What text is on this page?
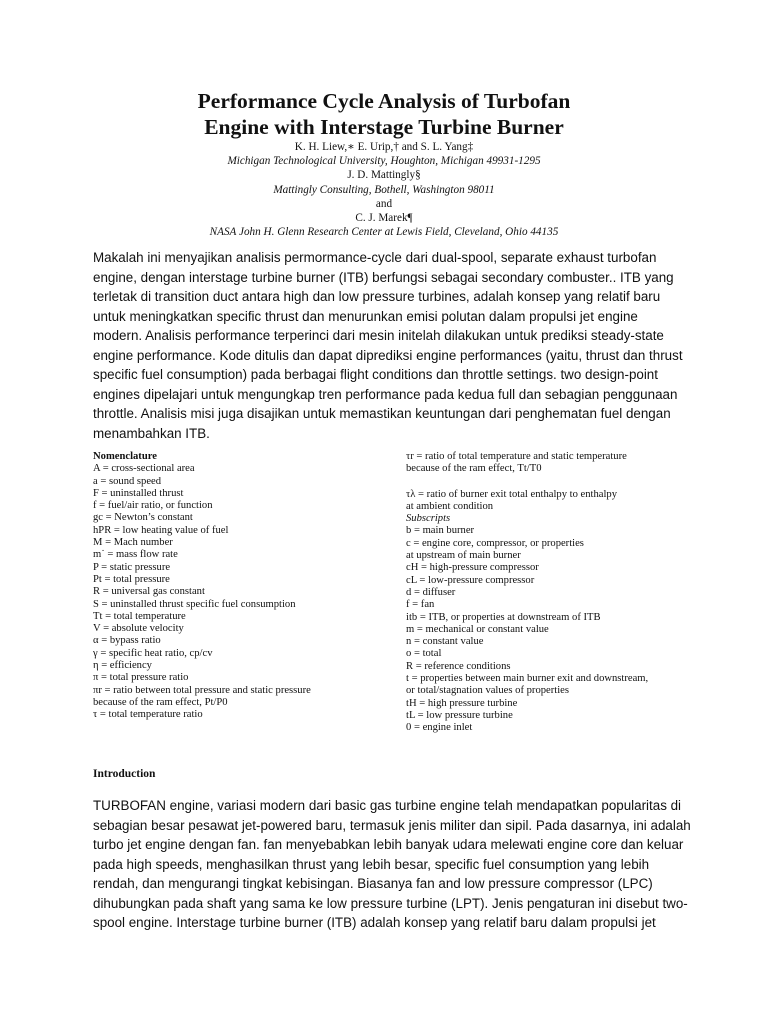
Performance Cycle Analysis of Turbofan
Engine with Interstage Turbine Burner
K. H. Liew,∗ E. Urip,† and S. L. Yang‡
Michigan Technological University, Houghton, Michigan 49931-1295
J. D. Mattingly§
Mattingly Consulting, Bothell, Washington 98011
and
C. J. Marek¶
NASA John H. Glenn Research Center at Lewis Field, Cleveland, Ohio 44135
Makalah ini menyajikan analisis permormance-cycle dari dual-spool, separate exhaust turbofan
engine, dengan interstage turbine burner (ITB) berfungsi sebagai secondary combuster.. ITB yang
terletak di transition duct antara high dan low pressure turbines, adalah konsep yang relatif baru
untuk meningkatkan specific thrust dan menurunkan emisi polutan dalam propulsi jet engine
modern. Analisis performance terperinci dari mesin initelah dilakukan untuk prediksi steady-state
engine performance. Kode ditulis dan dapat diprediksi engine performances (yaitu, thrust dan thrust
specific fuel consumption) pada berbagai flight conditions dan throttle settings. two design-point
engines dipelajari untuk mengungkap tren performance pada kedua full dan sebagian penggunaan
throttle. Analisis misi juga disajikan untuk memastikan keuntungan dari penghematan fuel dengan
menambahkan ITB.
Nomenclature
A = cross-sectional area
a = sound speed
F = uninstalled thrust
f = fuel/air ratio, or function
gc = Newton’s constant
hPR = low heating value of fuel
M = Mach number
m˙ = mass flow rate
P = static pressure
Pt = total pressure
R = universal gas constant
S = uninstalled thrust specific fuel consumption
Tt = total temperature
V = absolute velocity
α = bypass ratio
γ = specific heat ratio, cp/cv
η = efficiency
π = total pressure ratio
πr = ratio between total pressure and static pressure
because of the ram effect, Pt/P0
τ = total temperature ratio
τr = ratio of total temperature and static temperature
because of the ram effect, Tt/T0
τλ = ratio of burner exit total enthalpy to enthalpy
at ambient condition
Subscripts
b = main burner
c = engine core, compressor, or properties
at upstream of main burner
cH = high-pressure compressor
cL = low-pressure compressor
d = diffuser
f = fan
itb = ITB, or properties at downstream of ITB
m = mechanical or constant value
n = constant value
o = total
R = reference conditions
t = properties between main burner exit and downstream,
or total/stagnation values of properties
tH = high pressure turbine
tL = low pressure turbine
0 = engine inlet
Introduction
TURBOFAN engine, variasi modern dari basic gas turbine engine telah mendapatkan popularitas di
sebagian besar pesawat jet-powered baru, termasuk jenis militer dan sipil. Pada dasarnya, ini adalah
turbo jet engine dengan fan. fan menyebabkan lebih banyak udara melewati engine core dan keluar
pada high speeds, menghasilkan thrust yang lebih besar, specific fuel consumption yang lebih
rendah, dan mengurangi tingkat kebisingan. Biasanya fan and low pressure compressor (LPC)
dihubungkan pada shaft yang sama ke low pressure turbine (LPT). Jenis pengaturan ini disebut two-
spool engine. Interstage turbine burner (ITB) adalah konsep yang relatif baru dalam propulsi jet
